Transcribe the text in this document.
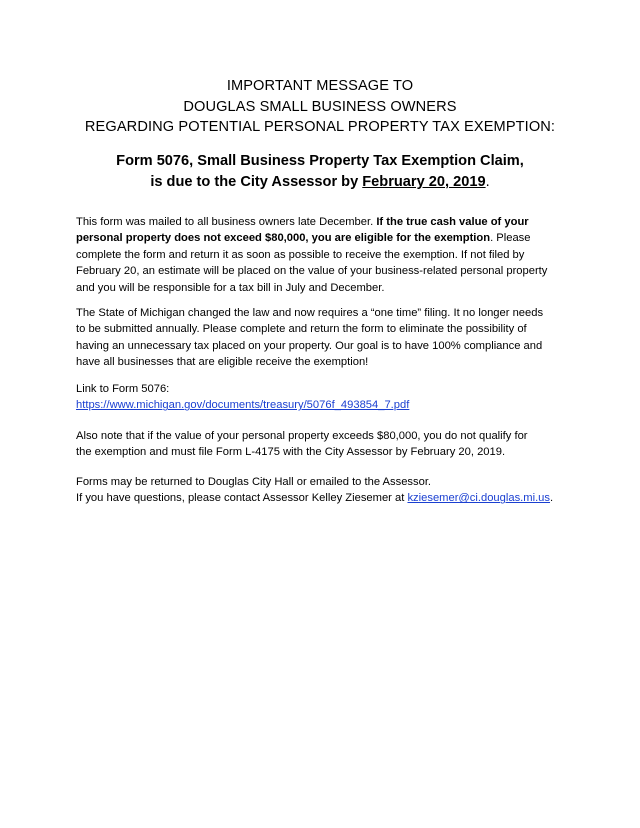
IMPORTANT MESSAGE TO
DOUGLAS SMALL BUSINESS OWNERS
REGARDING POTENTIAL PERSONAL PROPERTY TAX EXEMPTION:
Form 5076, Small Business Property Tax Exemption Claim,
is due to the City Assessor by February 20, 2019.
This form was mailed to all business owners late December. If the true cash value of your
personal property does not exceed $80,000, you are eligible for the exemption. Please
complete the form and return it as soon as possible to receive the exemption. If not filed by
February 20, an estimate will be placed on the value of your business-related personal property
and you will be responsible for a tax bill in July and December.
The State of Michigan changed the law and now requires a “one time” filing. It no longer needs
to be submitted annually. Please complete and return the form to eliminate the possibility of
having an unnecessary tax placed on your property. Our goal is to have 100% compliance and
have all businesses that are eligible receive the exemption!
Link to Form 5076:
https://www.michigan.gov/documents/treasury/5076f_493854_7.pdf
Also note that if the value of your personal property exceeds $80,000, you do not qualify for
the exemption and must file Form L-4175 with the City Assessor by February 20, 2019.
Forms may be returned to Douglas City Hall or emailed to the Assessor.
If you have questions, please contact Assessor Kelley Ziesemer at kziesemer@ci.douglas.mi.us.
